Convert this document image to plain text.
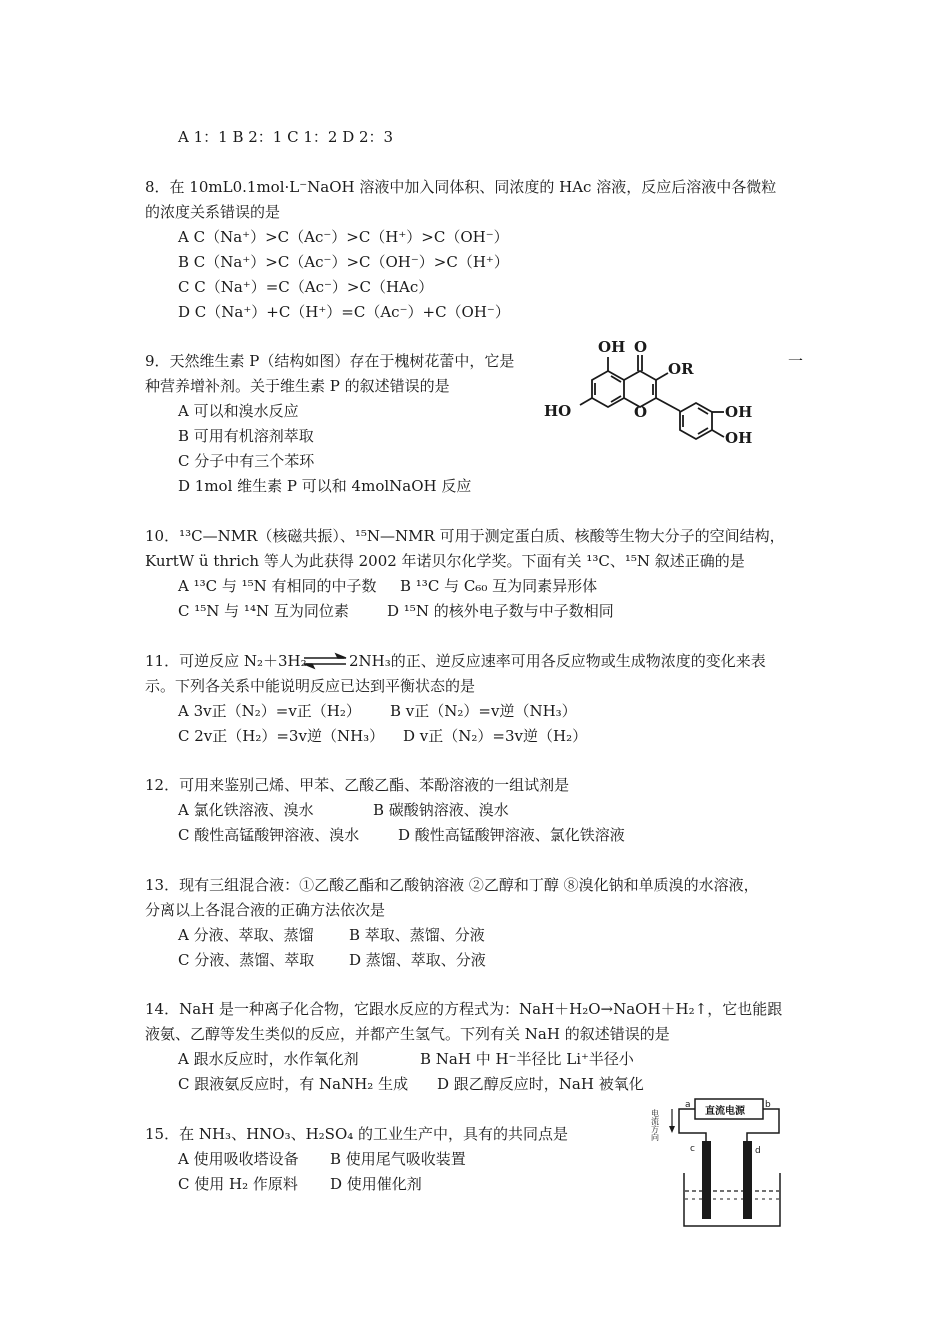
A 1：1 B 2：1 C 1：2 D 2：3
8．在 10mL0.1mol·L⁻NaOH 溶液中加入同体积、同浓度的 HAc 溶液，反应后溶液中各微粒
的浓度关系错误的是
A C（Na⁺）>C（Ac⁻）>C（H⁺）>C（OH⁻）
B C（Na⁺）>C（Ac⁻）>C（OH⁻）>C（H⁺）
C C（Na⁺）=C（Ac⁻）>C（HAc）
D C（Na⁺）+C（H⁺）=C（Ac⁻）+C（OH⁻）
9．天然维生素 P（结构如图）存在于槐树花蕾中，它是	一
种营养增补剂。关于维生素 P 的叙述错误的是
A 可以和溴水反应
B 可用有机溶剂萃取
C 分子中有三个苯环
D 1mol 维生素 P 可以和 4molNaOH 反应
OH O
OR
HO	O	OH
OH
10．¹³C—NMR（核磁共振）、¹⁵N—NMR 可用于测定蛋白质、核酸等生物大分子的空间结构，
KurtW ü thrich 等人为此获得 2002 年诺贝尔化学奖。下面有关 ¹³C、¹⁵N 叙述正确的是
A ¹³C 与 ¹⁵N 有相同的中子数 B ¹³C 与 C₆₀ 互为同素异形体
C ¹⁵N 与 ¹⁴N 互为同位素	D ¹⁵N 的核外电子数与中子数相同
11．可逆反应 N₂＋3H₂ ⇌ 2NH₃的正、逆反应速率可用各反应物或生成物浓度的变化来表
示。下列各关系中能说明反应已达到平衡状态的是
A 3v正（N₂）=v正（H₂） B v正（N₂）=v逆（NH₃）
C 2v正（H₂）=3v逆（NH₃） D v正（N₂）=3v逆（H₂）
12．可用来鉴别己烯、甲苯、乙酸乙酯、苯酚溶液的一组试剂是
A 氯化铁溶液、溴水	B 碳酸钠溶液、溴水
C 酸性高锰酸钾溶液、溴水	D 酸性高锰酸钾溶液、氯化铁溶液
13．现有三组混合液：①乙酸乙酯和乙酸钠溶液 ②乙醇和丁醇 ⑧溴化钠和单质溴的水溶液，
分离以上各混合液的正确方法依次是
A 分液、萃取、蒸馏 B 萃取、蒸馏、分液
C 分液、蒸馏、萃取 D 蒸馏、萃取、分液
14．NaH 是一种离子化合物，它跟水反应的方程式为：NaH＋H₂O→NaOH＋H₂↑，它也能跟
液氨、乙醇等发生类似的反应，并都产生氢气。下列有关 NaH 的叙述错误的是
A 跟水反应时，水作氧化剂	B NaH 中 H⁻半径比 Li⁺半径小
C 跟液氨反应时，有 NaNH₂ 生成 D 跟乙醇反应时，NaH 被氧化
15．在 NH₃、HNO₃、H₂SO₄ 的工业生产中，具有的共同点是
A 使用吸收塔设备 B 使用尾气吸收装置
C 使用 H₂ 作原料 D 使用催化剂
直流电源
a	b
c	d
电流方向
